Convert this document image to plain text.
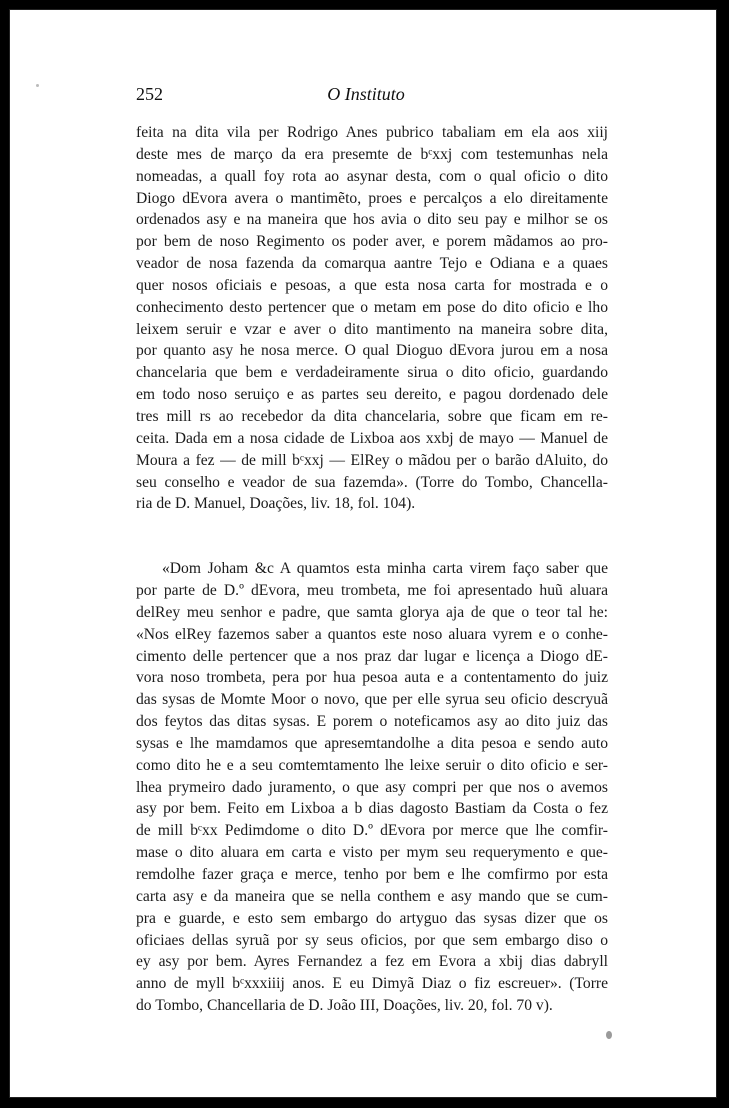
252	O Instituto
feita na dita vila per Rodrigo Anes pubrico tabaliam em ela aos xiij
deste mes de março da era presemte de bᶜxxj com testemunhas nela
nomeadas, a quall foy rota ao asynar desta, com o qual oficio o dito
Diogo dEvora avera o mantimẽto, proes e percalços a elo direitamente
ordenados asy e na maneira que hos avia o dito seu pay e milhor se os
por bem de noso Regimento os poder aver, e porem mãdamos ao pro-
veador de nosa fazenda da comarqua aantre Tejo e Odiana e a quaes
quer nosos oficiais e pesoas, a que esta nosa carta for mostrada e o
conhecimento desto pertencer que o metam em pose do dito oficio e lho
leixem seruir e vzar e aver o dito mantimento na maneira sobre dita,
por quanto asy he nosa merce. O qual Dioguo dEvora jurou em a nosa
chancelaria que bem e verdadeiramente sirua o dito oficio, guardando
em todo noso seruiço e as partes seu dereito, e pagou dordenado dele
tres mill rs ao recebedor da dita chancelaria, sobre que ficam em re-
ceita. Dada em a nosa cidade de Lixboa aos xxbj de mayo — Manuel de
Moura a fez — de mill bᶜxxj — ElRey o mãdou per o barão dAluito, do
seu conselho e veador de sua fazemda». (Torre do Tombo, Chancella-
ria de D. Manuel, Doações, liv. 18, fol. 104).
«Dom Joham &c A quamtos esta minha carta virem faço saber que
por parte de D.º dEvora, meu trombeta, me foi apresentado huũ aluara
delRey meu senhor e padre, que samta glorya aja de que o teor tal he:
«Nos elRey fazemos saber a quantos este noso aluara vyrem e o conhe-
cimento delle pertencer que a nos praz dar lugar e licença a Diogo dE-
vora noso trombeta, pera por hua pesoa auta e a contentamento do juiz
das sysas de Momte Moor o novo, que per elle syrua seu oficio descryuã
dos feytos das ditas sysas. E porem o noteficamos asy ao dito juiz das
sysas e lhe mamdamos que apresemtandolhe a dita pesoa e sendo auto
como dito he e a seu comtemtamento lhe leixe seruir o dito oficio e ser-
lhea prymeiro dado juramento, o que asy compri per que nos o avemos
asy por bem. Feito em Lixboa a b dias dagosto Bastiam da Costa o fez
de mill bᶜxx Pedimdome o dito D.º dEvora por merce que lhe comfir-
mase o dito aluara em carta e visto per mym seu requerymento e que-
remdolhe fazer graça e merce, tenho por bem e lhe comfirmo por esta
carta asy e da maneira que se nella conthem e asy mando que se cum-
pra e guarde, e esto sem embargo do artyguo das sysas dizer que os
oficiaes dellas syruã por sy seus oficios, por que sem embargo diso o
ey asy por bem. Ayres Fernandez a fez em Evora a xbij dias dabryll
anno de myll bᶜxxxiiij anos. E eu Dimyã Diaz o fiz escreuer». (Torre
do Tombo, Chancellaria de D. João III, Doações, liv. 20, fol. 70 v).
